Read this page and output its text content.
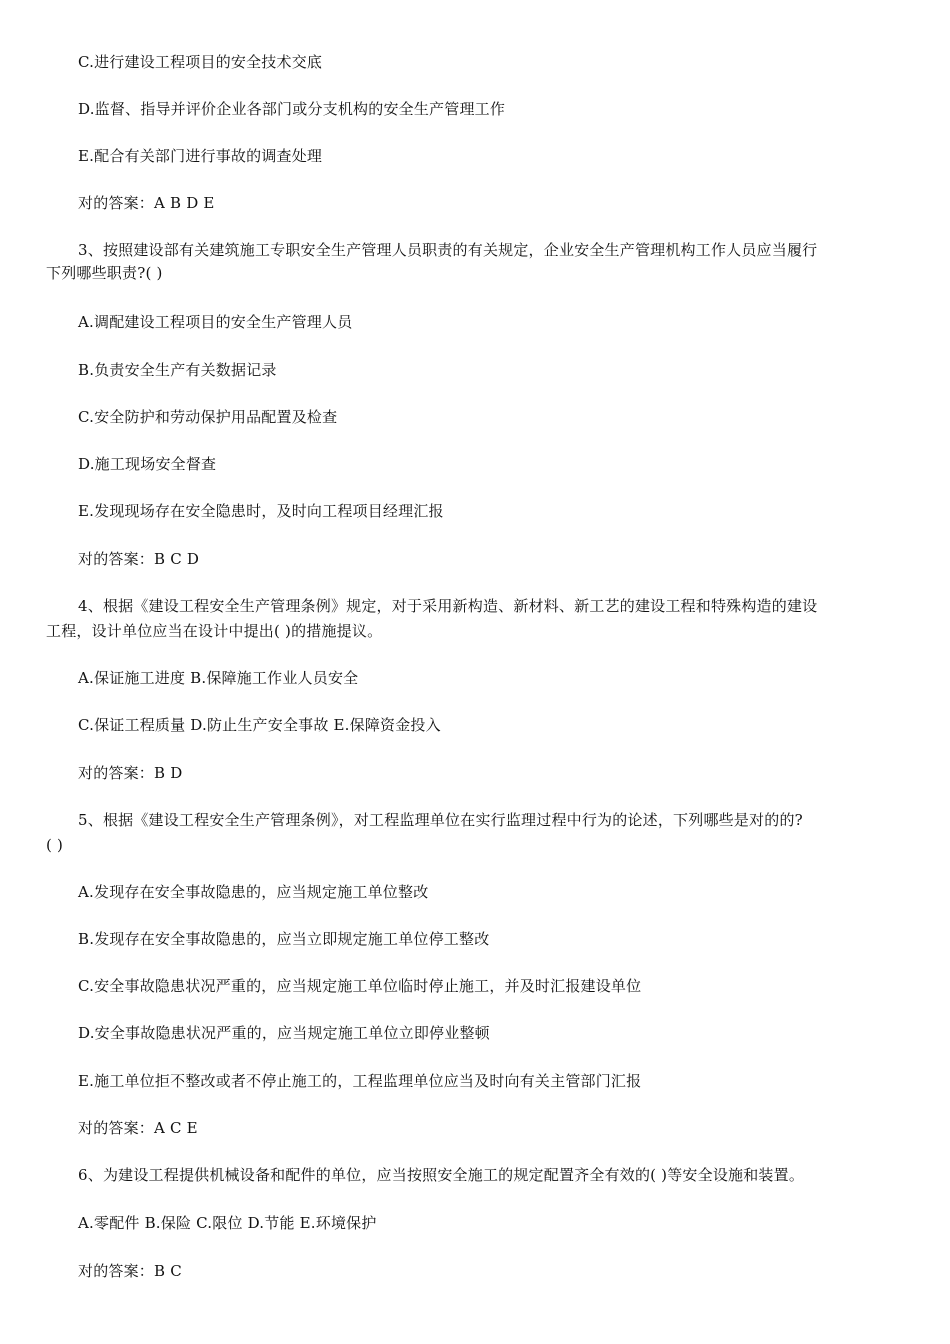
C.进行建设工程项目的安全技术交底
D.监督、指导并评价企业各部门或分支机构的安全生产管理工作
E.配合有关部门进行事故的调查处理
对的答案：A B D E
3、按照建设部有关建筑施工专职安全生产管理人员职责的有关规定，企业安全生产管理机构工作人员应当履行
下列哪些职责?( )
A.调配建设工程项目的安全生产管理人员
B.负责安全生产有关数据记录
C.安全防护和劳动保护用品配置及检查
D.施工现场安全督查
E.发现现场存在安全隐患时，及时向工程项目经理汇报
对的答案：B C D
4、根据《建设工程安全生产管理条例》规定，对于采用新构造、新材料、新工艺的建设工程和特殊构造的建设
工程，设计单位应当在设计中提出( )的措施提议。
A.保证施工进度 B.保障施工作业人员安全
C.保证工程质量 D.防止生产安全事故 E.保障资金投入
对的答案：B D
5、根据《建设工程安全生产管理条例》，对工程监理单位在实行监理过程中行为的论述，下列哪些是对的的?
( )
A.发现存在安全事故隐患的，应当规定施工单位整改
B.发现存在安全事故隐患的，应当立即规定施工单位停工整改
C.安全事故隐患状况严重的，应当规定施工单位临时停止施工，并及时汇报建设单位
D.安全事故隐患状况严重的，应当规定施工单位立即停业整顿
E.施工单位拒不整改或者不停止施工的，工程监理单位应当及时向有关主管部门汇报
对的答案：A C E
6、为建设工程提供机械设备和配件的单位，应当按照安全施工的规定配置齐全有效的( )等安全设施和装置。
A.零配件 B.保险 C.限位 D.节能 E.环境保护
对的答案：B C
